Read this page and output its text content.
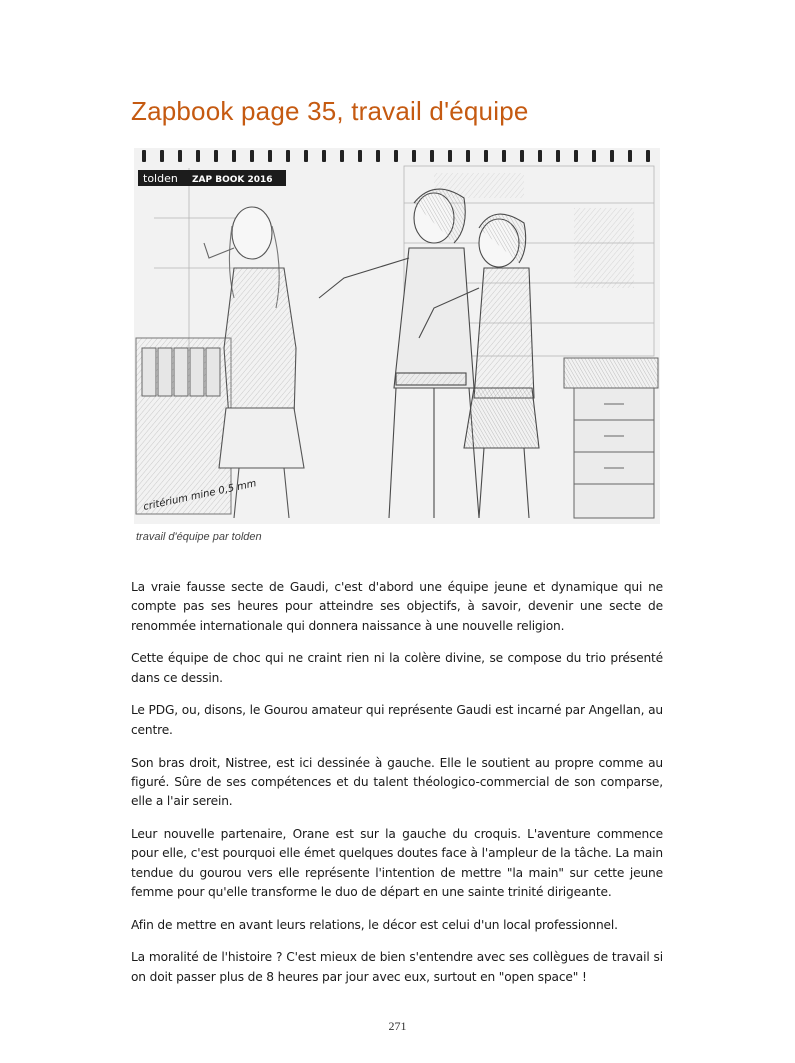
Zapbook page 35, travail d'équipe
tolden ZAP BOOK 2016
critérium mine 0,5 mm
travail d'équipe par tolden

La vraie fausse secte de Gaudi, c'est d'abord une équipe jeune et dynamique qui ne compte pas ses heures pour atteindre ses objectifs, à savoir, devenir une secte de renommée internationale qui donnera naissance à une nouvelle religion.

Cette équipe de choc qui ne craint rien ni la colère divine, se compose du trio présenté dans ce dessin.

Le PDG, ou, disons, le Gourou amateur qui représente Gaudi est incarné par Angellan, au centre.

Son bras droit, Nistree, est ici dessinée à gauche. Elle le soutient au propre comme au figuré. Sûre de ses compétences et du talent théologico-commercial de son comparse, elle a l'air serein.

Leur nouvelle partenaire, Orane est sur la gauche du croquis. L'aventure commence pour elle, c'est pourquoi elle émet quelques doutes face à l'ampleur de la tâche. La main tendue du gourou vers elle représente l'intention de mettre "la main" sur cette jeune femme pour qu'elle transforme le duo de départ en une sainte trinité dirigeante.

Afin de mettre en avant leurs relations, le décor est celui d'un local professionnel.

La moralité de l'histoire ? C'est mieux de bien s'entendre avec ses collègues de travail si on doit passer plus de 8 heures par jour avec eux, surtout en "open space" !

271
